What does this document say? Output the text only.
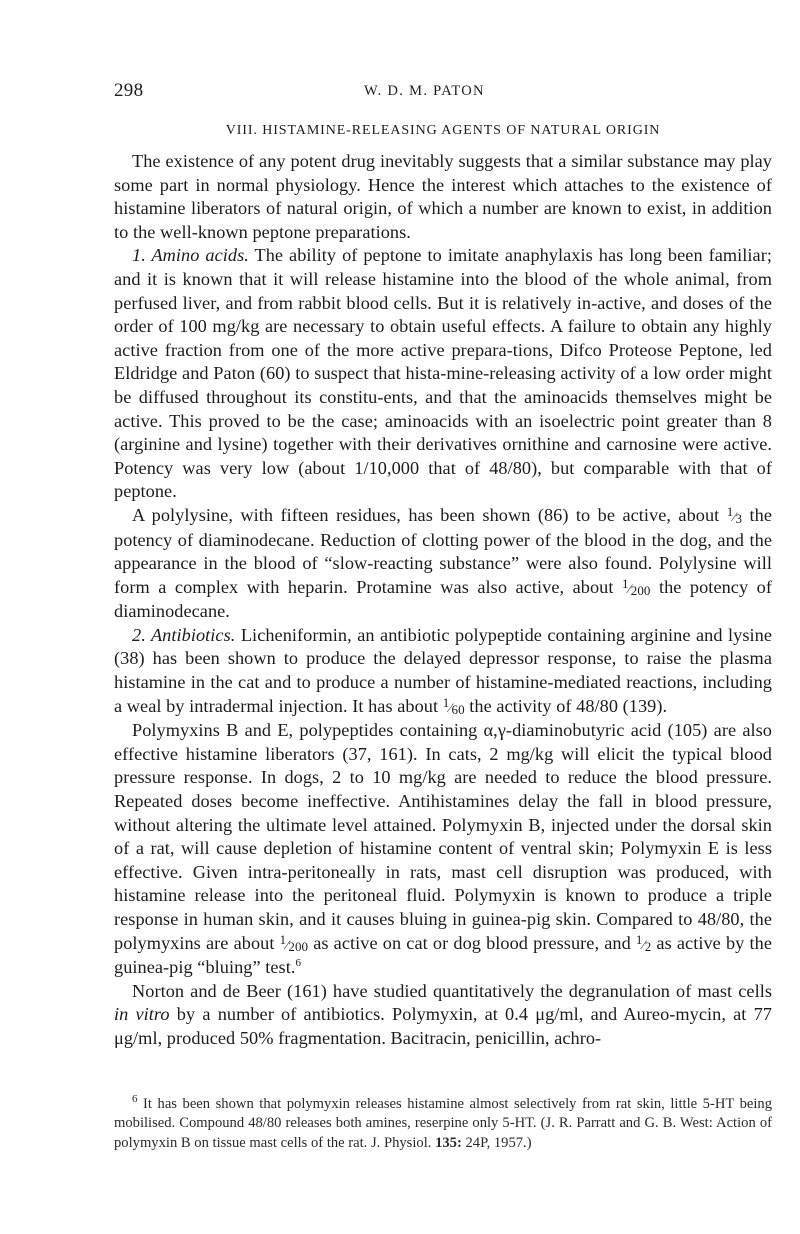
298	W. D. M. PATON
VIII. HISTAMINE-RELEASING AGENTS OF NATURAL ORIGIN

The existence of any potent drug inevitably suggests that a similar substance may play some part in normal physiology. Hence the interest which attaches to the existence of histamine liberators of natural origin, of which a number are known to exist, in addition to the well-known peptone preparations.

1. Amino acids. The ability of peptone to imitate anaphylaxis has long been familiar; and it is known that it will release histamine into the blood of the whole animal, from perfused liver, and from rabbit blood cells. But it is relatively in-active, and doses of the order of 100 mg/kg are necessary to obtain useful effects. A failure to obtain any highly active fraction from one of the more active prepara-tions, Difco Proteose Peptone, led Eldridge and Paton (60) to suspect that hista-mine-releasing activity of a low order might be diffused throughout its constitu-ents, and that the aminoacids themselves might be active. This proved to be the case; aminoacids with an isoelectric point greater than 8 (arginine and lysine) together with their derivatives ornithine and carnosine were active. Potency was very low (about 1/10,000 that of 48/80), but comparable with that of peptone.

A polylysine, with fifteen residues, has been shown (86) to be active, about 1⁄3 the potency of diaminodecane. Reduction of clotting power of the blood in the dog, and the appearance in the blood of “slow-reacting substance” were also found. Polylysine will form a complex with heparin. Protamine was also active, about 1⁄200 the potency of diaminodecane.

2. Antibiotics. Licheniformin, an antibiotic polypeptide containing arginine and lysine (38) has been shown to produce the delayed depressor response, to raise the plasma histamine in the cat and to produce a number of histamine-mediated reactions, including a weal by intradermal injection. It has about 1⁄60 the activity of 48/80 (139).

Polymyxins B and E, polypeptides containing α,γ-diaminobutyric acid (105) are also effective histamine liberators (37, 161). In cats, 2 mg/kg will elicit the typical blood pressure response. In dogs, 2 to 10 mg/kg are needed to reduce the blood pressure. Repeated doses become ineffective. Antihistamines delay the fall in blood pressure, without altering the ultimate level attained. Polymyxin B, injected under the dorsal skin of a rat, will cause depletion of histamine content of ventral skin; Polymyxin E is less effective. Given intra-peritoneally in rats, mast cell disruption was produced, with histamine release into the peritoneal fluid. Polymyxin is known to produce a triple response in human skin, and it causes bluing in guinea-pig skin. Compared to 48/80, the polymyxins are about 1⁄200 as active on cat or dog blood pressure, and 1⁄2 as active by the guinea-pig “bluing” test.$^6$

Norton and de Beer (161) have studied quantitatively the degranulation of mast cells in vitro by a number of antibiotics. Polymyxin, at 0.4 μg/ml, and Aureo-mycin, at 77 μg/ml, produced 50% fragmentation. Bacitracin, penicillin, achro-

$^6$ It has been shown that polymyxin releases histamine almost selectively from rat skin, little 5-HT being mobilised. Compound 48/80 releases both amines, reserpine only 5-HT. (J. R. Parratt and G. B. West: Action of polymyxin B on tissue mast cells of the rat. J. Physiol. 135: 24P, 1957.)
